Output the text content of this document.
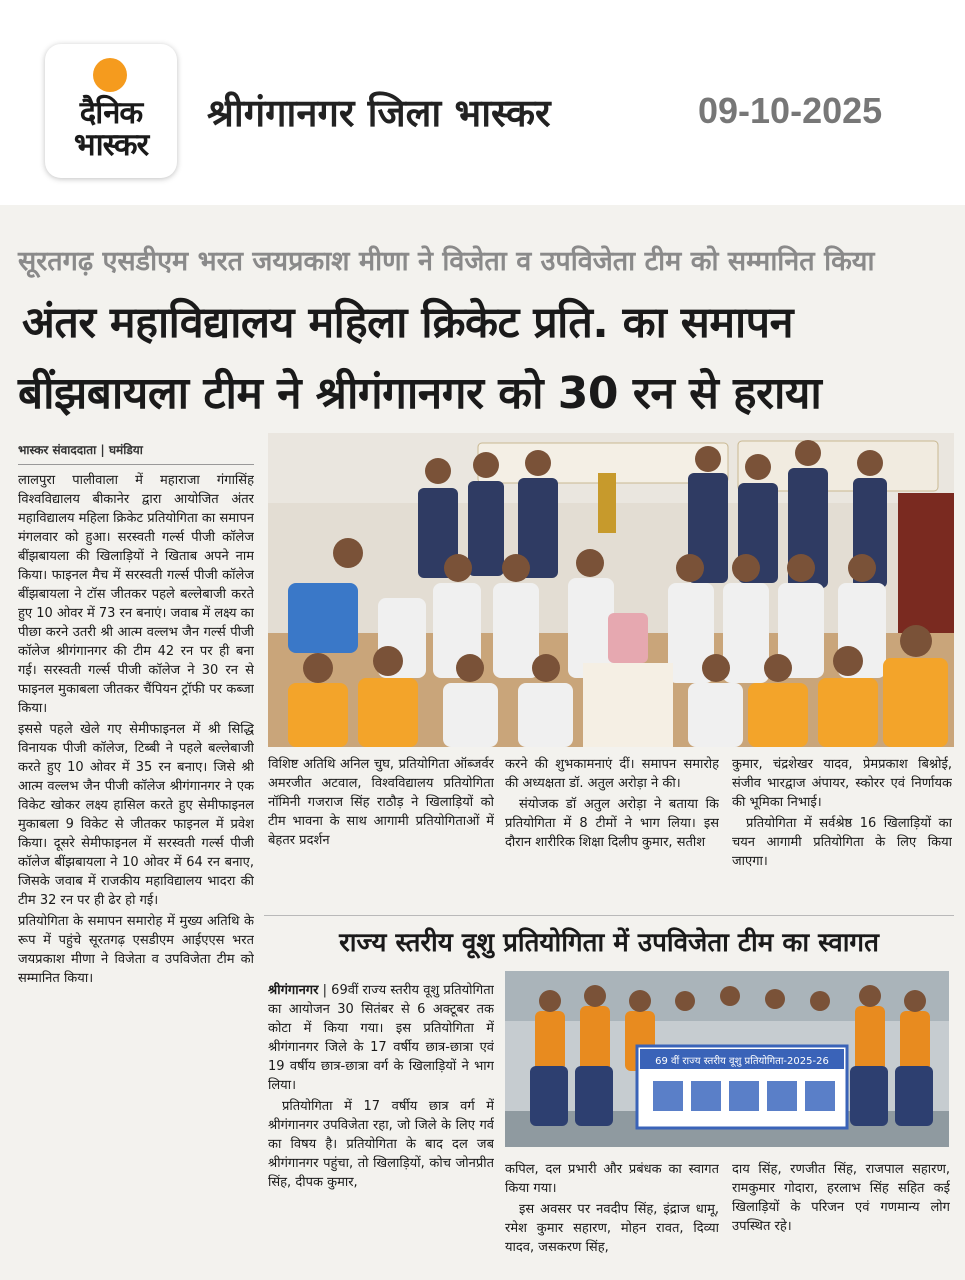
दैनिक
भास्कर
श्रीगंगानगर जिला भास्कर	09-10-2025
सूरतगढ़ एसडीएम भरत जयप्रकाश मीणा ने विजेता व उपविजेता टीम को सम्मानित किया
अंतर महाविद्यालय महिला क्रिकेट प्रति. का समापन
बींझबायला टीम ने श्रीगंगानगर को 30 रन से हराया
भास्कर संवाददाता | घमंडिया

लालपुरा पालीवाला में महाराजा गंगासिंह विश्वविद्यालय बीकानेर द्वारा आयोजित अंतर महाविद्यालय महिला क्रिकेट प्रतियोगिता का समापन मंगलवार को हुआ। सरस्वती गर्ल्स पीजी कॉलेज बींझबायला की खिलाड़ियों ने खिताब अपने नाम किया। फाइनल मैच में सरस्वती गर्ल्स पीजी कॉलेज बींझबायला ने टॉस जीतकर पहले बल्लेबाजी करते हुए 10 ओवर में 73 रन बनाएं। जवाब में लक्ष्य का पीछा करने उतरी श्री आत्म वल्लभ जैन गर्ल्स पीजी कॉलेज श्रीगंगानगर की टीम 42 रन पर ही बना गई। सरस्वती गर्ल्स पीजी कॉलेज ने 30 रन से फाइनल मुकाबला जीतकर चैंपियन ट्रॉफी पर कब्जा किया।

इससे पहले खेले गए सेमीफाइनल में श्री सिद्धि विनायक पीजी कॉलेज, टिब्बी ने पहले बल्लेबाजी करते हुए 10 ओवर में 35 रन बनाए। जिसे श्री आत्म वल्लभ जैन पीजी कॉलेज श्रीगंगानगर ने एक विकेट खोकर लक्ष्य हासिल करते हुए सेमीफाइनल मुकाबला 9 विकेट से जीतकर फाइनल में प्रवेश किया। दूसरे सेमीफाइनल में सरस्वती गर्ल्स पीजी कॉलेज बींझबायला ने 10 ओवर में 64 रन बनाए, जिसके जवाब में राजकीय महाविद्यालय भादरा की टीम 32 रन पर ही ढेर हो गई।

प्रतियोगिता के समापन समारोह में मुख्य अतिथि के रूप में पहुंचे सूरतगढ़ एसडीएम आईएएस भरत जयप्रकाश मीणा ने विजेता व उपविजेता टीम को सम्मानित किया।

विशिष्ट अतिथि अनिल चुघ, प्रतियोगिता ऑब्जर्वर अमरजीत अटवाल, विश्वविद्यालय प्रतियोगिता नॉमिनी गजराज सिंह राठौड़ ने खिलाड़ियों को टीम भावना के साथ आगामी प्रतियोगिताओं में बेहतर प्रदर्शन

करने की शुभकामनाएं दीं। समापन समारोह की अध्यक्षता डॉ. अतुल अरोड़ा ने की।

संयोजक डॉ अतुल अरोड़ा ने बताया कि प्रतियोगिता में 8 टीमों ने भाग लिया। इस दौरान शारीरिक शिक्षा दिलीप कुमार, सतीश

कुमार, चंद्रशेखर यादव, प्रेमप्रकाश बिश्नोई, संजीव भारद्वाज अंपायर, स्कोरर एवं निर्णायक की भूमिका निभाई।

प्रतियोगिता में सर्वश्रेष्ठ 16 खिलाड़ियों का चयन आगामी प्रतियोगिता के लिए किया जाएगा।

राज्य स्तरीय वूशु प्रतियोगिता में उपविजेता टीम का स्वागत

श्रीगंगानगर | 69वीं राज्य स्तरीय वूशु प्रतियोगिता का आयोजन 30 सितंबर से 6 अक्टूबर तक कोटा में किया गया। इस प्रतियोगिता में श्रीगंगानगर जिले के 17 वर्षीय छात्र-छात्रा एवं 19 वर्षीय छात्र-छात्रा वर्ग के खिलाड़ियों ने भाग लिया।

प्रतियोगिता में 17 वर्षीय छात्र वर्ग में श्रीगंगानगर उपविजेता रहा, जो जिले के लिए गर्व का विषय है। प्रतियोगिता के बाद दल जब श्रीगंगानगर पहुंचा, तो खिलाड़ियों, कोच जोनप्रीत सिंह, दीपक कुमार,

69 वीं राज्य स्तरीय वूशु प्रतियोगिता-2025-26

कपिल, दल प्रभारी और प्रबंधक का स्वागत किया गया।

इस अवसर पर नवदीप सिंह, इंद्राज धामू, रमेश कुमार सहारण, मोहन रावत, दिव्या यादव, जसकरण सिंह,

दाय सिंह, रणजीत सिंह, राजपाल सहारण, रामकुमार गोदारा, हरलाभ सिंह सहित कई खिलाड़ियों के परिजन एवं गणमान्य लोग उपस्थित रहे।
